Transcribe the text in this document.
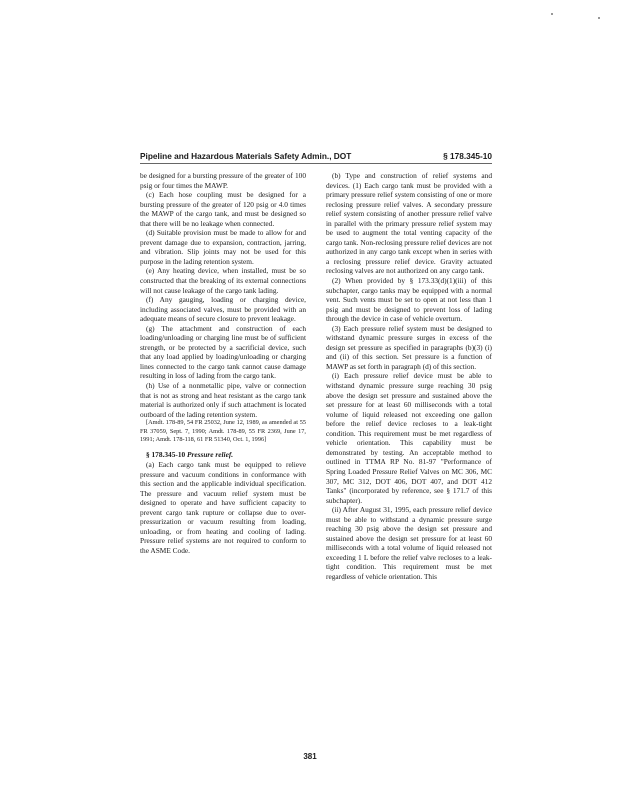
Pipeline and Hazardous Materials Safety Admin., DOT	§ 178.345-10

be designed for a bursting pressure of the greater of 100 psig or four times the MAWP.

(c) Each hose coupling must be designed for a bursting pressure of the greater of 120 psig or 4.0 times the MAWP of the cargo tank, and must be designed so that there will be no leakage when connected.

(d) Suitable provision must be made to allow for and prevent damage due to expansion, contraction, jarring, and vibration. Slip joints may not be used for this purpose in the lading retention system.

(e) Any heating device, when installed, must be so constructed that the breaking of its external connections will not cause leakage of the cargo tank lading.

(f) Any gauging, loading or charging device, including associated valves, must be provided with an adequate means of secure closure to prevent leakage.

(g) The attachment and construction of each loading/unloading or charging line must be of sufficient strength, or be protected by a sacrificial device, such that any load applied by loading/unloading or charging lines connected to the cargo tank cannot cause damage resulting in loss of lading from the cargo tank.

(h) Use of a nonmetallic pipe, valve or connection that is not as strong and heat resistant as the cargo tank material is authorized only if such attachment is located outboard of the lading retention system.

[Amdt. 178-89, 54 FR 25032, June 12, 1989, as amended at 55 FR 37059, Sept. 7, 1990; Amdt. 178-89, 55 FR 2369, June 17, 1991; Amdt. 178-118, 61 FR 51340, Oct. 1, 1996]

§ 178.345-10 Pressure relief.

(a) Each cargo tank must be equipped to relieve pressure and vacuum conditions in conformance with this section and the applicable individual specification. The pressure and vacuum relief system must be designed to operate and have sufficient capacity to prevent cargo tank rupture or collapse due to over-pressurization or vacuum resulting from loading, unloading, or from heating and cooling of lading. Pressure relief systems are not required to conform to the ASME Code.

(b) Type and construction of relief systems and devices. (1) Each cargo tank must be provided with a primary pressure relief system consisting of one or more reclosing pressure relief valves. A secondary pressure relief system consisting of another pressure relief valve in parallel with the primary pressure relief system may be used to augment the total venting capacity of the cargo tank. Non-reclosing pressure relief devices are not authorized in any cargo tank except when in series with a reclosing pressure relief device. Gravity actuated reclosing valves are not authorized on any cargo tank.

(2) When provided by § 173.33(d)(1)(iii) of this subchapter, cargo tanks may be equipped with a normal vent. Such vents must be set to open at not less than 1 psig and must be designed to prevent loss of lading through the device in case of vehicle overturn.

(3) Each pressure relief system must be designed to withstand dynamic pressure surges in excess of the design set pressure as specified in paragraphs (b)(3) (i) and (ii) of this section. Set pressure is a function of MAWP as set forth in paragraph (d) of this section.

(i) Each pressure relief device must be able to withstand dynamic pressure surge reaching 30 psig above the design set pressure and sustained above the set pressure for at least 60 milliseconds with a total volume of liquid released not exceeding one gallon before the relief device recloses to a leak-tight condition. This requirement must be met regardless of vehicle orientation. This capability must be demonstrated by testing. An acceptable method to outlined in TTMA RP No. 81-97 "Performance of Spring Loaded Pressure Relief Valves on MC 306, MC 307, MC 312, DOT 406, DOT 407, and DOT 412 Tanks" (incorporated by reference, see § 171.7 of this subchapter).

(ii) After August 31, 1995, each pressure relief device must be able to withstand a dynamic pressure surge reaching 30 psig above the design set pressure and sustained above the design set pressure for at least 60 milliseconds with a total volume of liquid released not exceeding 1 L before the relief valve recloses to a leak-tight condition. This requirement must be met regardless of vehicle orientation. This

381
